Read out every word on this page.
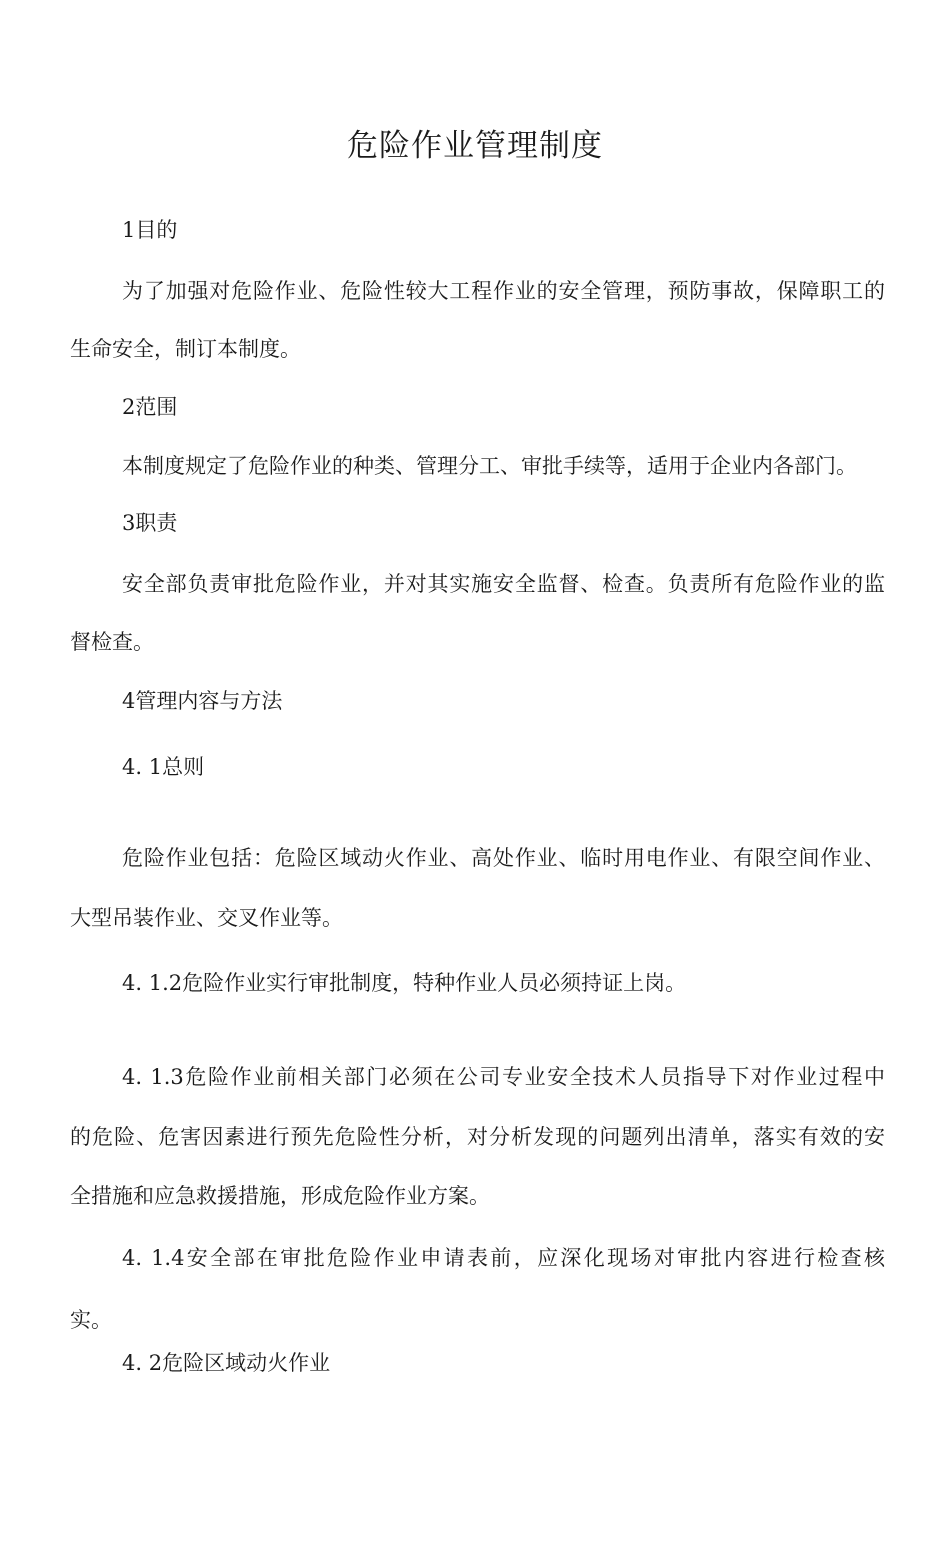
危险作业管理制度

1目的

为了加强对危险作业、危险性较大工程作业的安全管理，预防事故，保障职工的

生命安全，制订本制度。

2范围

本制度规定了危险作业的种类、管理分工、审批手续等，适用于企业内各部门。

3职责

安全部负责审批危险作业，并对其实施安全监督、检查。负责所有危险作业的监

督检查。

4管理内容与方法

4. 1总则

危险作业包括：危险区域动火作业、高处作业、临时用电作业、有限空间作业、

大型吊装作业、交叉作业等。

4. 1.2危险作业实行审批制度，特种作业人员必须持证上岗。

4. 1.3危险作业前相关部门必须在公司专业安全技术人员指导下对作业过程中

的危险、危害因素进行预先危险性分析，对分析发现的问题列出清单，落实有效的安

全措施和应急救援措施，形成危险作业方案。

4. 1.4安全部在审批危险作业申请表前，应深化现场对审批内容进行检查核

实。

4. 2危险区域动火作业
